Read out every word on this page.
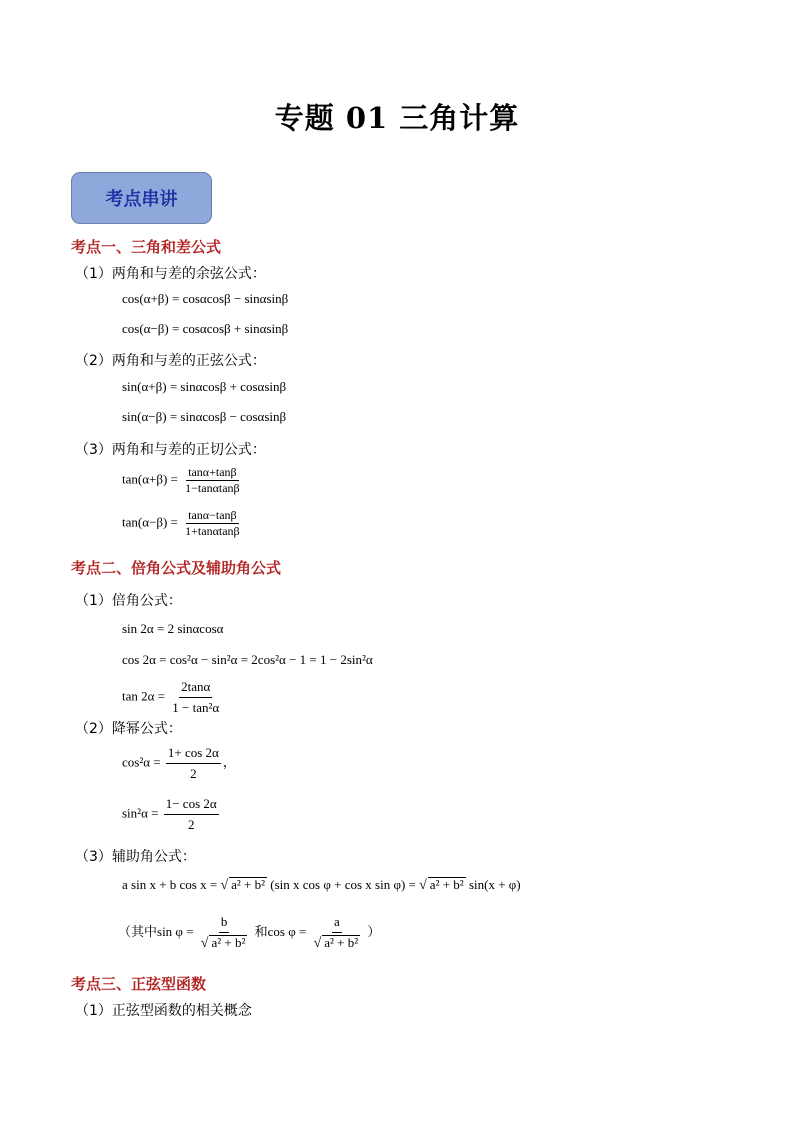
专题 01 三角计算
考点串讲
考点一、三角和差公式
（1）两角和与差的余弦公式：
cos(α+β) = cosαcosβ − sinαsinβ
cos(α−β) = cosαcosβ + sinαsinβ
（2）两角和与差的正弦公式：
sin(α+β) = sinαcosβ + cosαsinβ
sin(α−β) = sinαcosβ − cosαsinβ
（3）两角和与差的正切公式：
$\tan(\alpha+\beta) = \frac{\tan\alpha+\tan\beta}{1-\tan\alpha\tan\beta}$
$\tan(\alpha-\beta) = \frac{\tan\alpha-\tan\beta}{1+\tan\alpha\tan\beta}$
考点二、倍角公式及辅助角公式
（1）倍角公式：
sin 2α = 2 sinαcosα
cos 2α = cos²α − sin²α = 2cos²α − 1 = 1 − 2sin²α
$\tan 2\alpha = \frac{2\tan\alpha}{\text{1 − tan²α}}$
（2）降幂公式：
$\cos^2\alpha = \frac{1+ \cos 2\alpha}{2}$ ，
$\sin^2\alpha = \frac{1- \cos 2\alpha}{2}$
（3）辅助角公式：
a sin x + b cos x = √ a² + b² (sin x cos φ + cos x sin φ) = √ a² + b² sin(x + φ)
（其中$\sin \varphi = \frac{b}{\text{√ a² + b²}}$ 和$\cos \varphi = \frac{a}{\text{√ a² + b²}}$ ）
考点三、正弦型函数
（1）正弦型函数的相关概念
